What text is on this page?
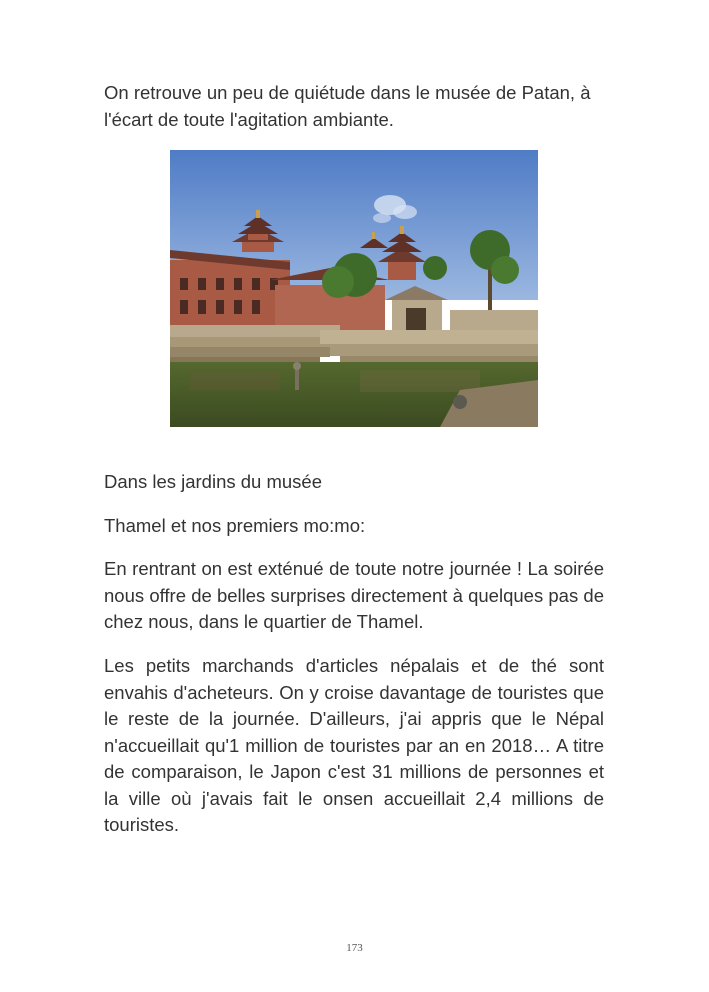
On retrouve un peu de quiétude dans le musée de Patan, à l'écart de toute l'agitation ambiante.

Dans les jardins du musée

Thamel et nos premiers mo:mo:

En rentrant on est exténué de toute notre journée ! La soirée nous offre de belles surprises directement à quelques pas de chez nous, dans le quartier de Thamel.

Les petits marchands d'articles népalais et de thé sont envahis d'acheteurs. On y croise davantage de touristes que le reste de la journée. D'ailleurs, j'ai appris que le Népal n'accueillait qu'1 million de touristes par an en 2018… A titre de comparaison, le Japon c'est 31 millions de personnes et la ville où j'avais fait le onsen accueillait 2,4 millions de touristes.

173
